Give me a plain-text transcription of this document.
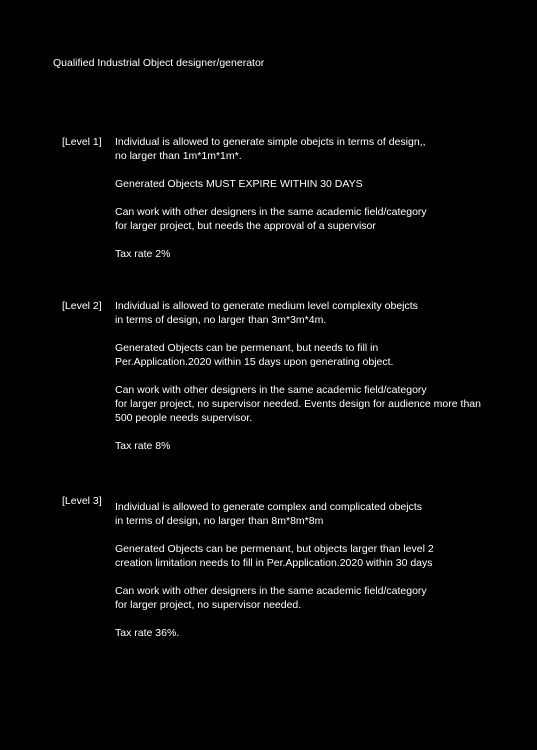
Qualified Industrial Object designer/generator
[Level 1] Individual is allowed to generate simple obejcts in terms of design,,
no larger than 1m*1m*1m*.

Generated Objects MUST EXPIRE WITHIN 30 DAYS

Can work with other designers in the same academic field/category
for larger project, but needs the approval of a supervisor

Tax rate 2%

[Level 2] Individual is allowed to generate medium level complexity obejcts
in terms of design, no larger than 3m*3m*4m.

Generated Objects can be permenant, but needs to fill in
Per.Application.2020 within 15 days upon generating object.

Can work with other designers in the same academic field/category
for larger project, no supervisor needed. Events design for audience more than
500 people needs supervisor.

Tax rate 8%

[Level 3] Individual is allowed to generate complex and complicated obejcts
in terms of design, no larger than 8m*8m*8m

Generated Objects can be permenant, but objects larger than level 2
creation limitation needs to fill in Per.Application.2020 within 30 days

Can work with other designers in the same academic field/category
for larger project, no supervisor needed.

Tax rate 36%.
